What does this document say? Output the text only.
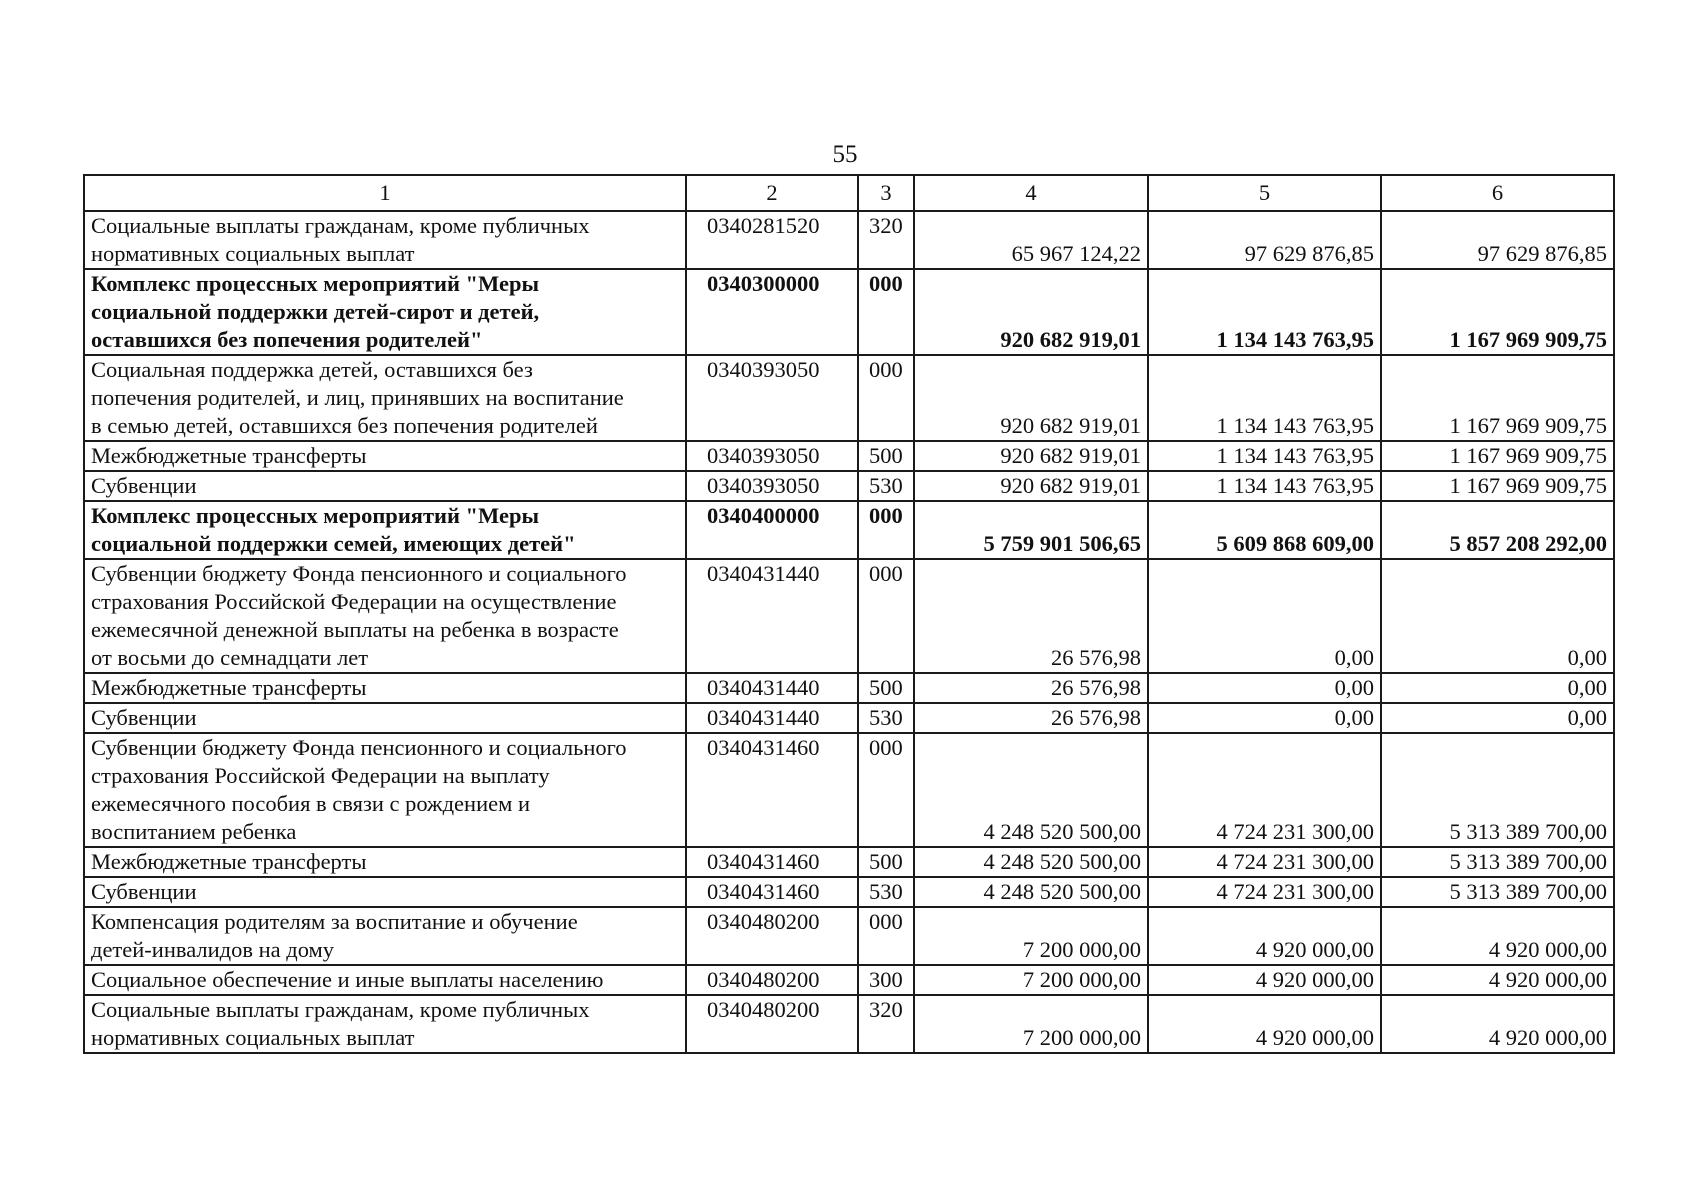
55
1	2	3	4	5	6

Социальные выплаты гражданам, кроме публичных
нормативных социальных выплат	0340281520	320	65 967 124,22	97 629 876,85	97 629 876,85

Комплекс процессных мероприятий "Меры
социальной поддержки детей-сирот и детей,
оставшихся без попечения родителей"	0340300000	000	920 682 919,01	1 134 143 763,95	1 167 969 909,75

Социальная поддержка детей, оставшихся без
попечения родителей, и лиц, принявших на воспитание
в семью детей, оставшихся без попечения родителей	0340393050	000	920 682 919,01	1 134 143 763,95	1 167 969 909,75

Межбюджетные трансферты	0340393050	500	920 682 919,01	1 134 143 763,95	1 167 969 909,75

Субвенции	0340393050	530	920 682 919,01	1 134 143 763,95	1 167 969 909,75

Комплекс процессных мероприятий "Меры
социальной поддержки семей, имеющих детей"	0340400000	000	5 759 901 506,65	5 609 868 609,00	5 857 208 292,00

Субвенции бюджету Фонда пенсионного и социального
страхования Российской Федерации на осуществление
ежемесячной денежной выплаты на ребенка в возрасте
от восьми до семнадцати лет	0340431440	000	26 576,98	0,00	0,00

Межбюджетные трансферты	0340431440	500	26 576,98	0,00	0,00

Субвенции	0340431440	530	26 576,98	0,00	0,00

Субвенции бюджету Фонда пенсионного и социального
страхования Российской Федерации на выплату
ежемесячного пособия в связи с рождением и
воспитанием ребенка	0340431460	000	4 248 520 500,00	4 724 231 300,00	5 313 389 700,00

Межбюджетные трансферты	0340431460	500	4 248 520 500,00	4 724 231 300,00	5 313 389 700,00

Субвенции	0340431460	530	4 248 520 500,00	4 724 231 300,00	5 313 389 700,00

Компенсация родителям за воспитание и обучение
детей-инвалидов на дому	0340480200	000	7 200 000,00	4 920 000,00	4 920 000,00

Социальное обеспечение и иные выплаты населению	0340480200	300	7 200 000,00	4 920 000,00	4 920 000,00

Социальные выплаты гражданам, кроме публичных
нормативных социальных выплат	0340480200	320	7 200 000,00	4 920 000,00	4 920 000,00
